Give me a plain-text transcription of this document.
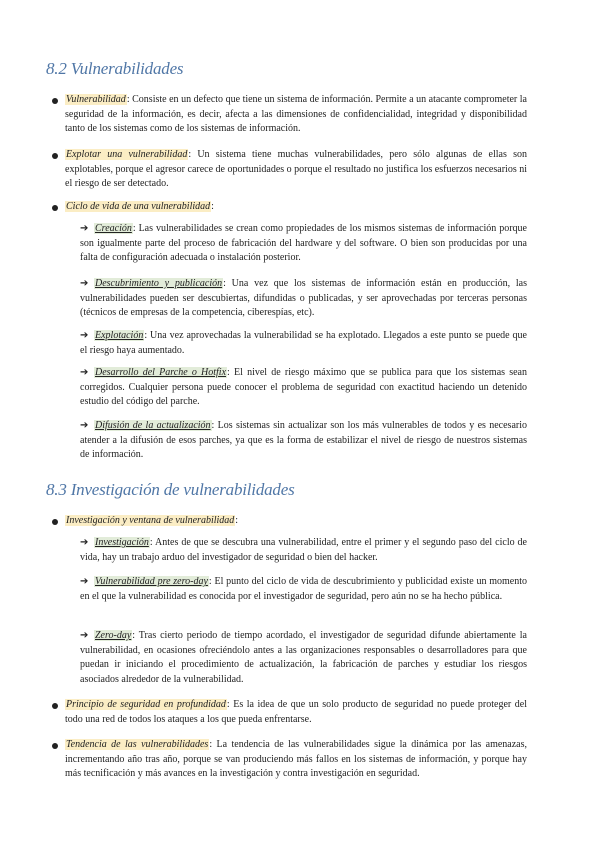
8.2 Vulnerabilidades

Vulnerabilidad: Consiste en un defecto que tiene un sistema de información. Permite a un atacante comprometer la seguridad de la información, es decir, afecta a las dimensiones de confidencialidad, integridad y disponibilidad tanto de los sistemas como de los sistemas de información.

Explotar una vulnerabilidad: Un sistema tiene muchas vulnerabilidades, pero sólo algunas de ellas son explotables, porque el agresor carece de oportunidades o porque el resultado no justifica los esfuerzos necesarios ni el riesgo de ser detectado.

Ciclo de vida de una vulnerabilidad:

➔ Creación: Las vulnerabilidades se crean como propiedades de los mismos sistemas de información porque son igualmente parte del proceso de fabricación del hardware y del software. O bien son producidas por una falta de configuración adecuada o instalación posterior.

➔ Descubrimiento y publicación: Una vez que los sistemas de información están en producción, las vulnerabilidades pueden ser descubiertas, difundidas o publicadas, y ser aprovechadas por terceras personas (técnicos de empresas de la competencia, ciberespías, etc).

➔ Explotación: Una vez aprovechadas la vulnerabilidad se ha explotado. Llegados a este punto se puede que el riesgo haya aumentado.

➔ Desarrollo del Parche o Hotfix: El nivel de riesgo máximo que se publica para que los sistemas sean corregidos. Cualquier persona puede conocer el problema de seguridad con exactitud haciendo un detenido estudio del código del parche.

➔ Difusión de la actualización: Los sistemas sin actualizar son los más vulnerables de todos y es necesario atender a la difusión de esos parches, ya que es la forma de estabilizar el nivel de riesgo de nuestros sistemas de información.

8.3 Investigación de vulnerabilidades

Investigación y ventana de vulnerabilidad:

➔ Investigación: Antes de que se descubra una vulnerabilidad, entre el primer y el segundo paso del ciclo de vida, hay un trabajo arduo del investigador de seguridad o bien del hacker.

➔ Vulnerabilidad pre zero-day: El punto del ciclo de vida de descubrimiento y publicidad existe un momento en el que la vulnerabilidad es conocida por el investigador de seguridad, pero aún no se ha hecho pública.

➔ Zero-day: Tras cierto periodo de tiempo acordado, el investigador de seguridad difunde abiertamente la vulnerabilidad, en ocasiones ofreciéndolo antes a las organizaciones responsables o desarrolladores para que puedan ir iniciando el procedimiento de actualización, la fabricación de parches y estudiar los riesgos asociados alrededor de la vulnerabilidad.

Principio de seguridad en profundidad: Es la idea de que un solo producto de seguridad no puede proteger del todo una red de todos los ataques a los que pueda enfrentarse.

Tendencia de las vulnerabilidades: La tendencia de las vulnerabilidades sigue la dinámica por las amenazas, incrementando año tras año, porque se van produciendo más fallos en los sistemas de información, y porque hay más tecnificación y más avances en la investigación y contra investigación en seguridad.
